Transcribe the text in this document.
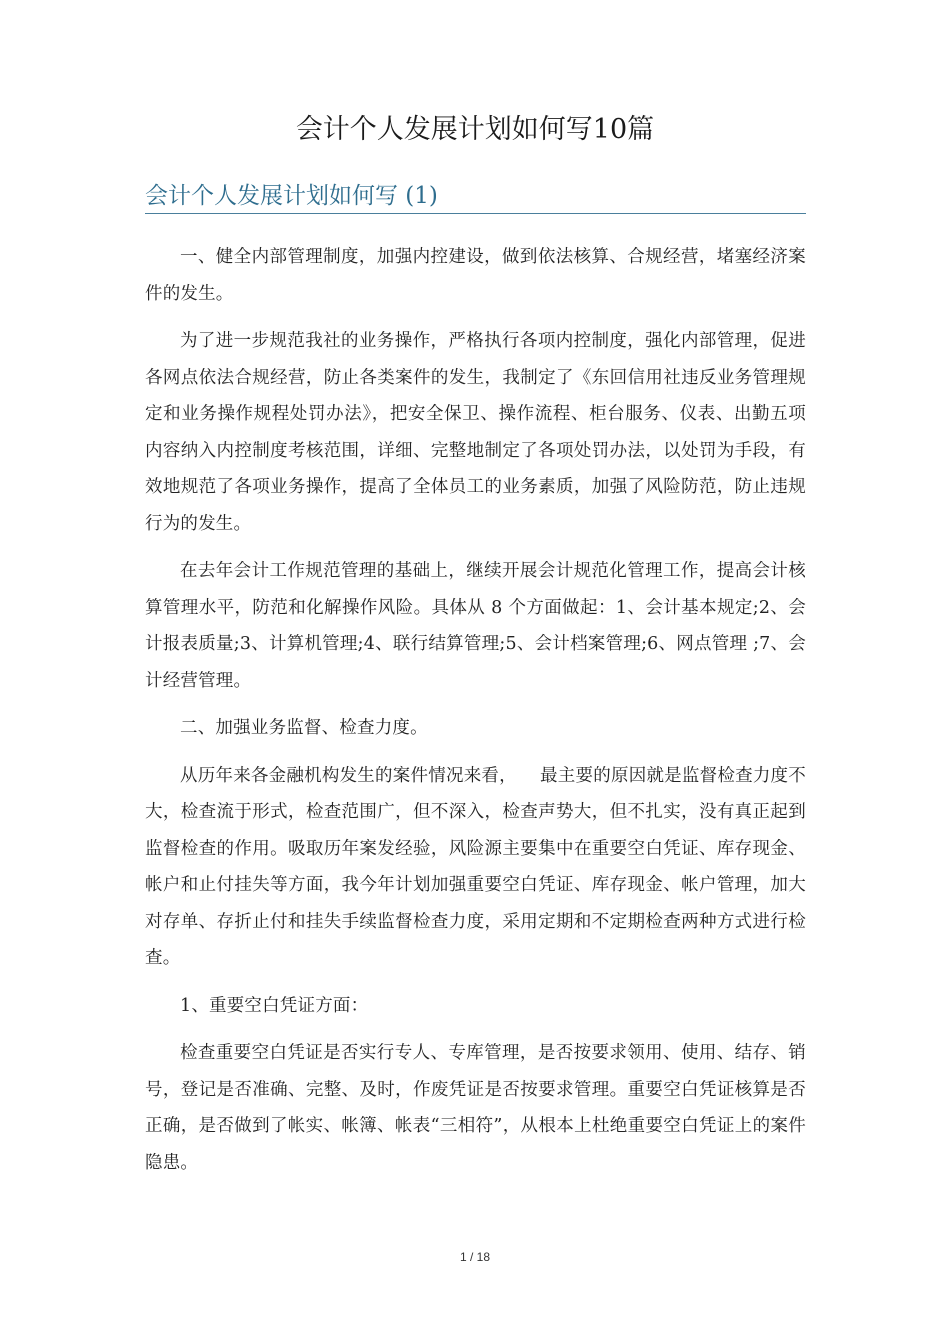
会计个人发展计划如何写10篇
会计个人发展计划如何写 (1)

一、健全内部管理制度，加强内控建设，做到依法核算、合规经营，堵塞经济案件的发生。

为了进一步规范我社的业务操作，严格执行各项内控制度，强化内部管理，促进各网点依法合规经营，防止各类案件的发生，我制定了《东回信用社违反业务管理规定和业务操作规程处罚办法》，把安全保卫、操作流程、柜台服务、仪表、出勤五项内容纳入内控制度考核范围，详细、完整地制定了各项处罚办法，以处罚为手段，有效地规范了各项业务操作，提高了全体员工的业务素质，加强了风险防范，防止违规行为的发生。

在去年会计工作规范管理的基础上，继续开展会计规范化管理工作，提高会计核算管理水平，防范和化解操作风险。具体从 8 个方面做起：1、会计基本规定;2、会计报表质量;3、计算机管理;4、联行结算管理;5、会计档案管理;6、网点管理 ;7、会计经营管理。

二、加强业务监督、检查力度。

从历年来各金融机构发生的案件情况来看，    最主要的原因就是监督检查力度不大，检查流于形式，检查范围广，但不深入，检查声势大，但不扎实，没有真正起到监督检查的作用。吸取历年案发经验，风险源主要集中在重要空白凭证、库存现金、帐户和止付挂失等方面，我今年计划加强重要空白凭证、库存现金、帐户管理，加大对存单、存折止付和挂失手续监督检查力度，采用定期和不定期检查两种方式进行检查。

1、重要空白凭证方面：

检查重要空白凭证是否实行专人、专库管理，是否按要求领用、使用、结存、销号，登记是否准确、完整、及时，作废凭证是否按要求管理。重要空白凭证核算是否正确，是否做到了帐实、帐簿、帐表“三相符”，从根本上杜绝重要空白凭证上的案件隐患。

1 / 18
